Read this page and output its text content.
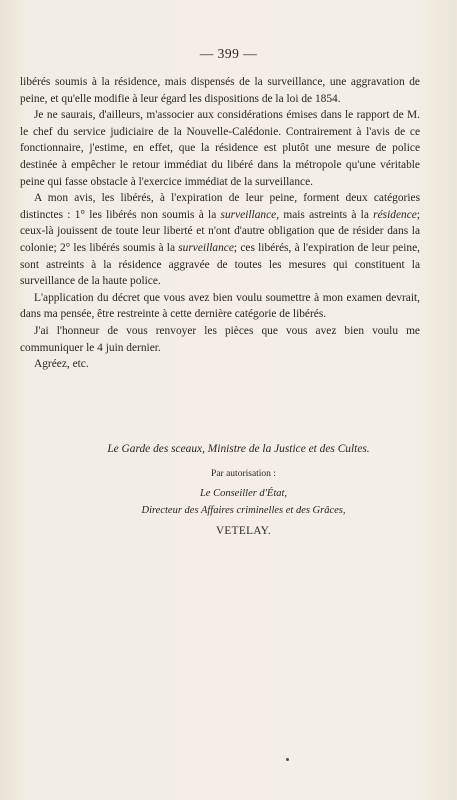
— 399 —

libérés soumis à la résidence, mais dispensés de la surveillance, une aggravation de peine, et qu'elle modifie à leur égard les dispositions de la loi de 1854.

Je ne saurais, d'ailleurs, m'associer aux considérations émises dans le rapport de M. le chef du service judiciaire de la Nouvelle-Calédonie. Contrairement à l'avis de ce fonctionnaire, j'estime, en effet, que la résidence est plutôt une mesure de police destinée à empêcher le retour immédiat du libéré dans la métropole qu'une véritable peine qui fasse obstacle à l'exercice immédiat de la surveillance.

A mon avis, les libérés, à l'expiration de leur peine, forment deux catégories distinctes : 1° les libérés non soumis à la surveillance, mais astreints à la résidence; ceux-là jouissent de toute leur liberté et n'ont d'autre obligation que de résider dans la colonie; 2° les libérés soumis à la surveillance; ces libérés, à l'expiration de leur peine, sont astreints à la résidence aggravée de toutes les mesures qui constituent la surveillance de la haute police.

L'application du décret que vous avez bien voulu soumettre à mon examen devrait, dans ma pensée, être restreinte à cette dernière catégorie de libérés.

J'ai l'honneur de vous renvoyer les pièces que vous avez bien voulu me communiquer le 4 juin dernier.

Agréez, etc.

Le Garde des sceaux, Ministre de la Justice et des Cultes.
Par autorisation :
Le Conseiller d'État,
Directeur des Affaires criminelles et des Grâces,
VETELAY.
